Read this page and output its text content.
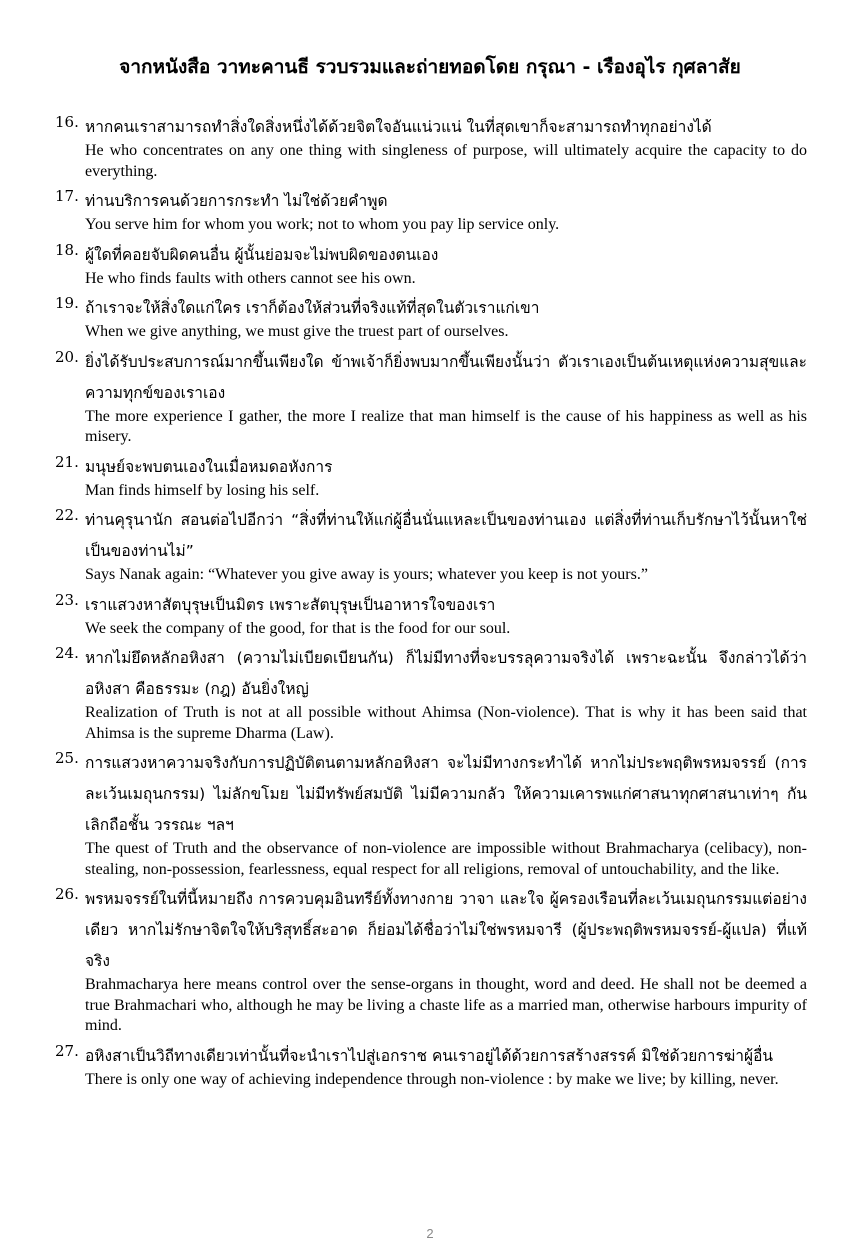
จากหนังสือ วาทะคานธี รวบรวมและถ่ายทอดโดย กรุณา - เรืองอุไร กุศลาสัย
16. หากคนเราสามารถทำสิ่งใดสิ่งหนึ่งได้ด้วยจิตใจอันแน่วแน่ ในที่สุดเขาก็จะสามารถทำทุกอย่างได้
He who concentrates on any one thing with singleness of purpose, will ultimately acquire the capacity to do everything.
17. ท่านบริการคนด้วยการกระทำ ไม่ใช่ด้วยคำพูด
You serve him for whom you work; not to whom you pay lip service only.
18. ผู้ใดที่คอยจับผิดคนอื่น ผู้นั้นย่อมจะไม่พบผิดของตนเอง
He who finds faults with others cannot see his own.
19. ถ้าเราจะให้สิ่งใดแก่ใคร เราก็ต้องให้ส่วนที่จริงแท้ที่สุดในตัวเราแก่เขา
When we give anything, we must give the truest part of ourselves.
20. ยิ่งได้รับประสบการณ์มากขึ้นเพียงใด ข้าพเจ้าก็ยิ่งพบมากขึ้นเพียงนั้นว่า ตัวเราเองเป็นต้นเหตุแห่งความสุขและความทุกข์ของเราเอง
The more experience I gather, the more I realize that man himself is the cause of his happiness as well as his misery.
21. มนุษย์จะพบตนเองในเมื่อหมดอหังการ
Man finds himself by losing his self.
22. ท่านคุรุนานัก สอนต่อไปอีกว่า “สิ่งที่ท่านให้แก่ผู้อื่นนั่นแหละเป็นของท่านเอง แต่สิ่งที่ท่านเก็บรักษาไว้นั้นหาใช่เป็นของท่านไม่”
Says Nanak again: “Whatever you give away is yours; whatever you keep is not yours.”
23. เราแสวงหาสัตบุรุษเป็นมิตร เพราะสัตบุรุษเป็นอาหารใจของเรา
We seek the company of the good, for that is the food for our soul.
24. หากไม่ยึดหลักอหิงสา (ความไม่เบียดเบียนกัน) ก็ไม่มีทางที่จะบรรลุความจริงได้ เพราะฉะนั้น จึงกล่าวได้ว่า อหิงสา คือธรรมะ (กฎ) อันยิ่งใหญ่
Realization of Truth is not at all possible without Ahimsa (Non-violence). That is why it has been said that Ahimsa is the supreme Dharma (Law).
25. การแสวงหาความจริงกับการปฏิบัติตนตามหลักอหิงสา จะไม่มีทางกระทำได้ หากไม่ประพฤติพรหมจรรย์ (การละเว้นเมถุนกรรม) ไม่ลักขโมย ไม่มีทรัพย์สมบัติ ไม่มีความกลัว ให้ความเคารพแก่ศาสนาทุกศาสนาเท่าๆ กัน เลิกถือชั้น วรรณะ ฯลฯ
The quest of Truth and the observance of non-violence are impossible without Brahmacharya (celibacy), non-stealing, non-possession, fearlessness, equal respect for all religions, removal of untouchability, and the like.
26. พรหมจรรย์ในที่นี้หมายถึง การควบคุมอินทรีย์ทั้งทางกาย วาจา และใจ ผู้ครองเรือนที่ละเว้นเมถุนกรรมแต่อย่างเดียว หากไม่รักษาจิตใจให้บริสุทธิ์สะอาด ก็ย่อมได้ชื่อว่าไม่ใช่พรหมจารี (ผู้ประพฤติพรหมจรรย์-ผู้แปล) ที่แท้จริง
Brahmacharya here means control over the sense-organs in thought, word and deed. He shall not be deemed a true Brahmachari who, although he may be living a chaste life as a married man, otherwise harbours impurity of mind.
27. อหิงสาเป็นวิถีทางเดียวเท่านั้นที่จะนำเราไปสู่เอกราช คนเราอยู่ได้ด้วยการสร้างสรรค์ มิใช่ด้วยการฆ่าผู้อื่น
There is only one way of achieving independence through non-violence : by make we live; by killing, never.
2
